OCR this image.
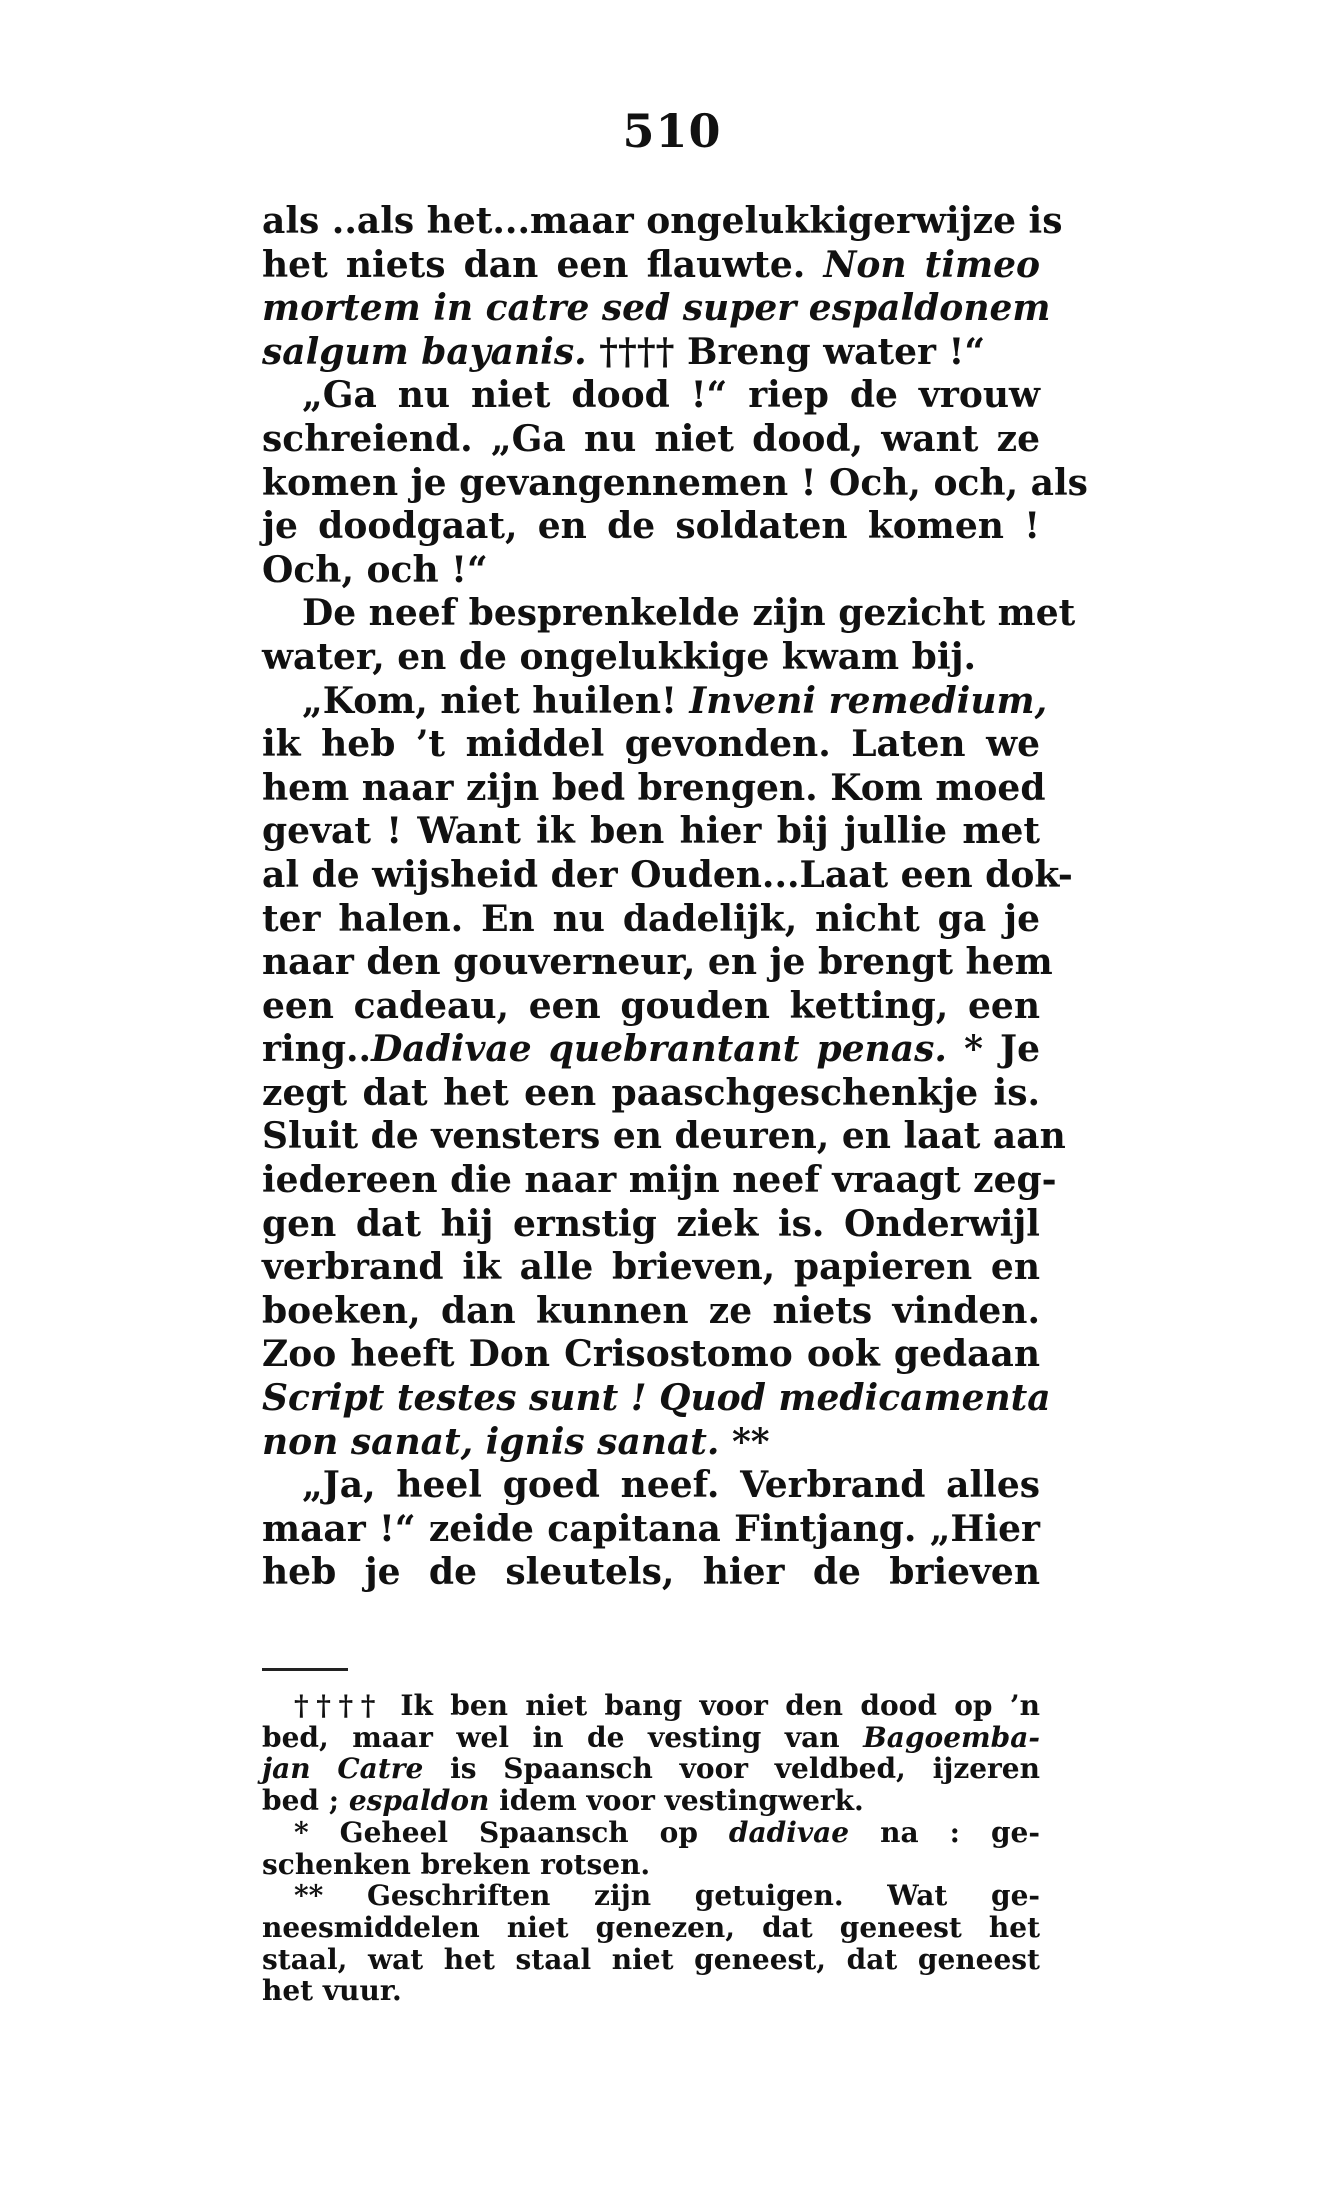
510
als ..als het...maar ongelukkigerwijze is
het niets dan een flauwte. Non timeo
mortem in catre sed super espaldonem
salgum bayanis. †††† Breng water !“
„Ga nu niet dood !“ riep de vrouw
schreiend. „Ga nu niet dood, want ze
komen je gevangennemen ! Och, och, als
je doodgaat, en de soldaten komen !
Och, och !“
De neef besprenkelde zijn gezicht met
water, en de ongelukkige kwam bij.
„Kom, niet huilen! Inveni remedium,
ik heb ’t middel gevonden. Laten we
hem naar zijn bed brengen. Kom moed
gevat ! Want ik ben hier bij jullie met
al de wijsheid der Ouden...Laat een dok-
ter halen. En nu dadelijk, nicht ga je
naar den gouverneur, en je brengt hem
een cadeau, een gouden ketting, een
ring..Dadivae quebrantant penas. * Je
zegt dat het een paaschgeschenkje is.
Sluit de vensters en deuren, en laat aan
iedereen die naar mijn neef vraagt zeg-
gen dat hij ernstig ziek is. Onderwijl
verbrand ik alle brieven, papieren en
boeken, dan kunnen ze niets vinden.
Zoo heeft Don Crisostomo ook gedaan
Script testes sunt ! Quod medicamenta
non sanat, ignis sanat. **
„Ja, heel goed neef. Verbrand alles
maar !“ zeide capitana Fintjang. „Hier
heb je de sleutels, hier de brieven
†††† Ik ben niet bang voor den dood op ’n
bed, maar wel in de vesting van Bagoemba-
jan Catre is Spaansch voor veldbed, ijzeren
bed ; espaldon idem voor vestingwerk.
* Geheel Spaansch op dadivae na : ge-
schenken breken rotsen.
** Geschriften zijn getuigen. Wat ge-
neesmiddelen niet genezen, dat geneest het
staal, wat het staal niet geneest, dat geneest
het vuur.
